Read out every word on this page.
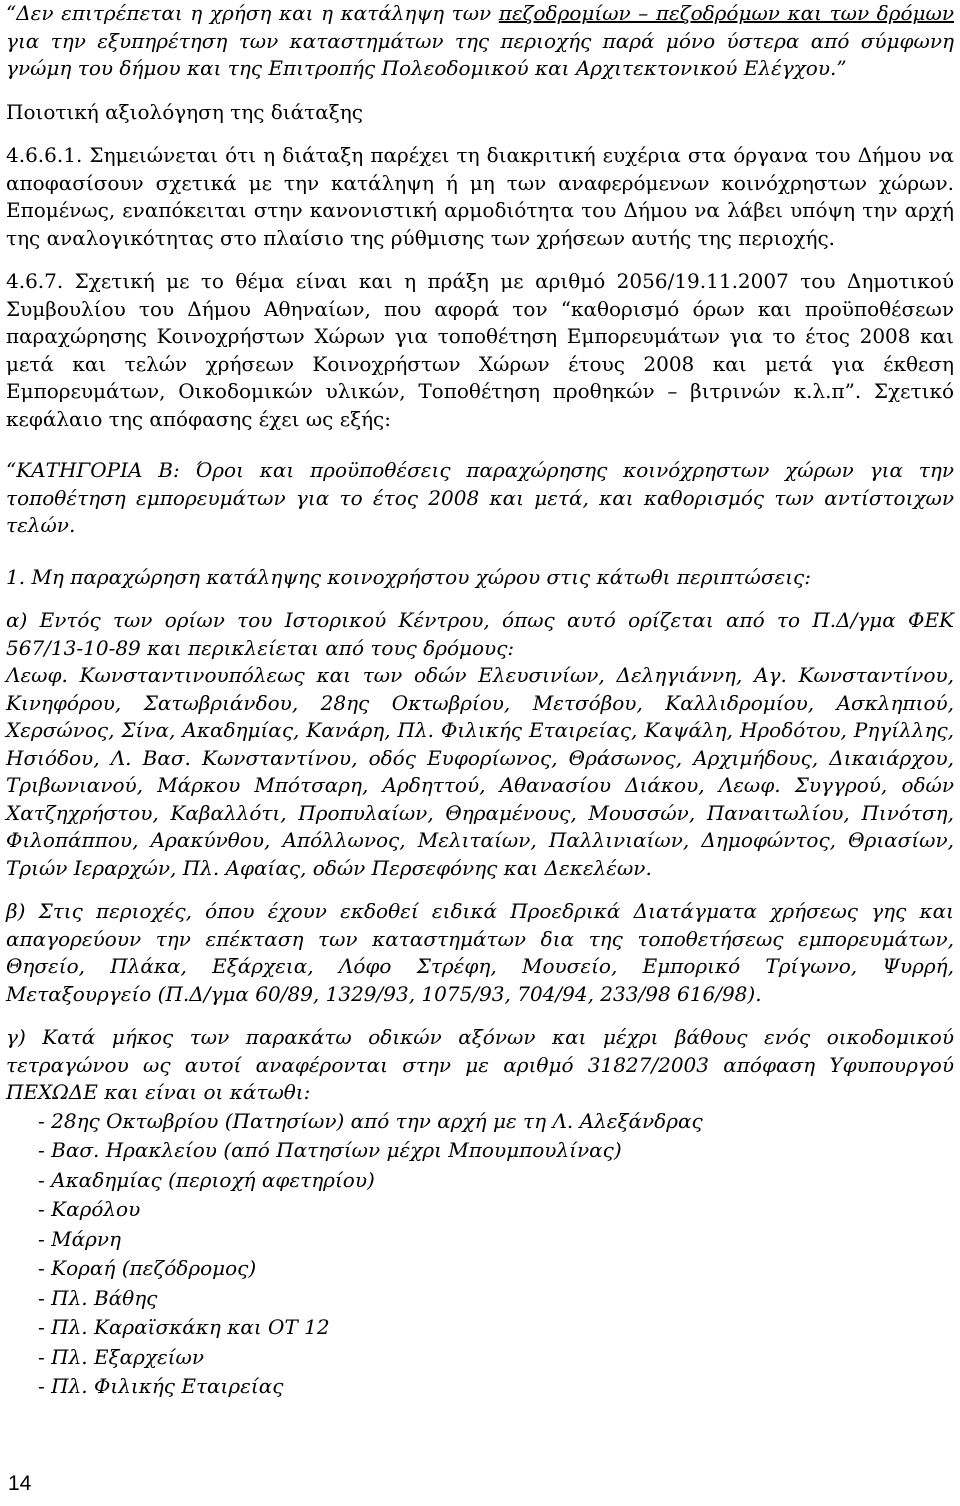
“Δεν επιτρέπεται η χρήση και η κατάληψη των πεζοδρομίων – πεζοδρόμων και των δρόμων για την εξυπηρέτηση των καταστημάτων της περιοχής παρά μόνο ύστερα από σύμφωνη γνώμη του δήμου και της Επιτροπής Πολεοδομικού και Αρχιτεκτονικού Ελέγχου.”

Ποιοτική αξιολόγηση της διάταξης

4.6.6.1. Σημειώνεται ότι η διάταξη παρέχει τη διακριτική ευχέρια στα όργανα του Δήμου να αποφασίσουν σχετικά με την κατάληψη ή μη των αναφερόμενων κοινόχρηστων χώρων. Επομένως, εναπόκειται στην κανονιστική αρμοδιότητα του Δήμου να λάβει υπόψη την αρχή της αναλογικότητας στο πλαίσιο της ρύθμισης των χρήσεων αυτής της περιοχής.

4.6.7. Σχετική με το θέμα είναι και η πράξη με αριθμό 2056/19.11.2007 του Δημοτικού Συμβουλίου του Δήμου Αθηναίων, που αφορά τον “καθορισμό όρων και προϋποθέσεων παραχώρησης Κοινοχρήστων Χώρων για τοποθέτηση Εμπορευμάτων για το έτος 2008 και μετά και τελών χρήσεων Κοινοχρήστων Χώρων έτους 2008 και μετά για έκθεση Εμπορευμάτων, Οικοδομικών υλικών, Τοποθέτηση προθηκών – βιτρινών κ.λ.π”. Σχετικό κεφάλαιο της απόφασης έχει ως εξής:

“ΚΑΤΗΓΟΡΙΑ Β: Όροι και προϋποθέσεις παραχώρησης κοινόχρηστων χώρων για την τοποθέτηση εμπορευμάτων για το έτος 2008 και μετά, και καθορισμός των αντίστοιχων τελών.

1. Μη παραχώρηση κατάληψης κοινοχρήστου χώρου στις κάτωθι περιπτώσεις:

α) Εντός των ορίων του Ιστορικού Κέντρου, όπως αυτό ορίζεται από το Π.Δ/γμα ΦΕΚ 567/13-10-89 και περικλείεται από τους δρόμους:

Λεωφ. Κωνσταντινουπόλεως και των οδών Ελευσινίων, Δεληγιάννη, Αγ. Κωνσταντίνου, Κινηφόρου, Σατωβριάνδου, 28ης Οκτωβρίου, Μετσόβου, Καλλιδρομίου, Ασκληπιού, Χερσώνος, Σίνα, Ακαδημίας, Κανάρη, Πλ. Φιλικής Εταιρείας, Καψάλη, Ηροδότου, Ρηγίλλης, Ησιόδου, Λ. Βασ. Κωνσταντίνου, οδός Ευφορίωνος, Θράσωνος, Αρχιμήδους, Δικαιάρχου, Τριβωνιανού, Μάρκου Μπότσαρη, Αρδηττού, Αθανασίου Διάκου, Λεωφ. Συγγρού, οδών Χατζηχρήστου, Καβαλλότι, Προπυλαίων, Θηραμένους, Μουσσών, Παναιτωλίου, Πινότση, Φιλοπάππου, Αρακύνθου, Απόλλωνος, Μελιταίων, Παλλινιαίων, Δημοφώντος, Θριασίων, Τριών Ιεραρχών, Πλ. Αφαίας, οδών Περσεφόνης και Δεκελέων.

β) Στις περιοχές, όπου έχουν εκδοθεί ειδικά Προεδρικά Διατάγματα χρήσεως γης και απαγορεύουν την επέκταση των καταστημάτων δια της τοποθετήσεως εμπορευμάτων, Θησείο, Πλάκα, Εξάρχεια, Λόφο Στρέφη, Μουσείο, Εμπορικό Τρίγωνο, Ψυρρή, Μεταξουργείο (Π.Δ/γμα 60/89, 1329/93, 1075/93, 704/94, 233/98 616/98).

γ) Κατά μήκος των παρακάτω οδικών αξόνων και μέχρι βάθους ενός οικοδομικού τετραγώνου ως αυτοί αναφέρονται στην με αριθμό 31827/2003 απόφαση Υφυπουργού ΠΕΧΩΔΕ και είναι οι κάτωθι:

- 28ης Οκτωβρίου (Πατησίων) από την αρχή με τη Λ. Αλεξάνδρας
- Βασ. Ηρακλείου (από Πατησίων μέχρι Μπουμπουλίνας)
- Ακαδημίας (περιοχή αφετηρίου)
- Καρόλου
- Μάρνη
- Κοραή (πεζόδρομος)
- Πλ. Βάθης
- Πλ. Καραϊσκάκη και ΟΤ 12
- Πλ. Εξαρχείων
- Πλ. Φιλικής Εταιρείας
14
